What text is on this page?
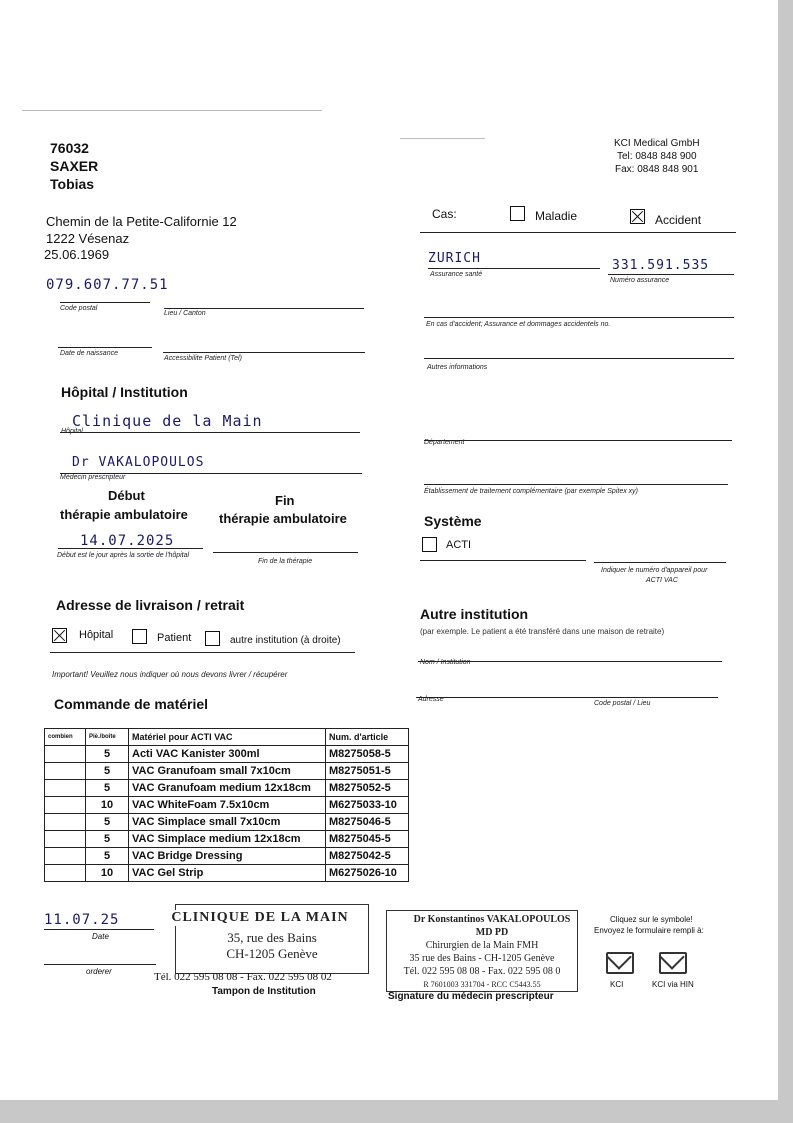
76032
SAXER
Tobias
KCI Medical GmbH
Tel: 0848 848 900
Fax: 0848 848 901
Chemin de la Petite-Californie 12
1222 Vésenaz
25.06.1969
079.607.77.51
Code postal
Lieu / Canton
Date de naissance
Accessibilite Patient (Tel)
Cas:	Maladie	Accident
ZURICH	331.591.535
Assurance santé
Numéro assurance
En cas d'accident; Assurance et dommages accidentels no.
Autres informations
Département
Établissement de traitement complémentaire (par exemple Spitex xy)
Hôpital / Institution
Clinique de la Main
Hôpital
Dr VAKALOPOULOS
Médecin prescripteur
Début
thérapie ambulatoire
Fin
thérapie ambulatoire
14.07.2025
Début est le jour après la sortie de l'hôpital
Fin de la thérapie
Système
ACTI
Indiquer le numéro d'appareil pour
ACTI VAC
Adresse de livraison / retrait
Hôpital	Patient	autre institution (à droite)
Important! Veuillez nous indiquer où nous devons livrer / récupérer
Autre institution
(par exemple. Le patient a été transféré dans une maison de retraite)
Nom / Institution
Adresse
Code postal / Lieu
Commande de matériel
combien	Piè./boîte	Matériel pour ACTI VAC	Num. d'article
	5	Acti VAC Kanister 300ml	M8275058-5
	5	VAC Granufoam small 7x10cm	M8275051-5
	5	VAC Granufoam medium 12x18cm	M8275052-5
	10	VAC WhiteFoam 7.5x10cm	M6275033-10
	5	VAC Simplace small 7x10cm	M8275046-5
	5	VAC Simplace medium 12x18cm	M8275045-5
	5	VAC Bridge Dressing	M8275042-5
	10	VAC Gel Strip	M6275026-10
11.07.25
Date
orderer
CLINIQUE DE LA MAIN
35, rue des Bains
CH-1205 Genève
Tél. 022 595 08 08 - Fax. 022 595 08 02
Tampon de Institution
Dr Konstantinos VAKALOPOULOS MD PD
Chirurgien de la Main FMH
35 rue des Bains - CH-1205 Genève
Tél. 022 595 08 08 - Fax. 022 595 08 0
R 7601003 331704 - RCC C5443.55
Signature du médecin prescripteur
Cliquez sur le symbole!
Envoyez le formulaire rempli à:
KCI	KCI via HIN
